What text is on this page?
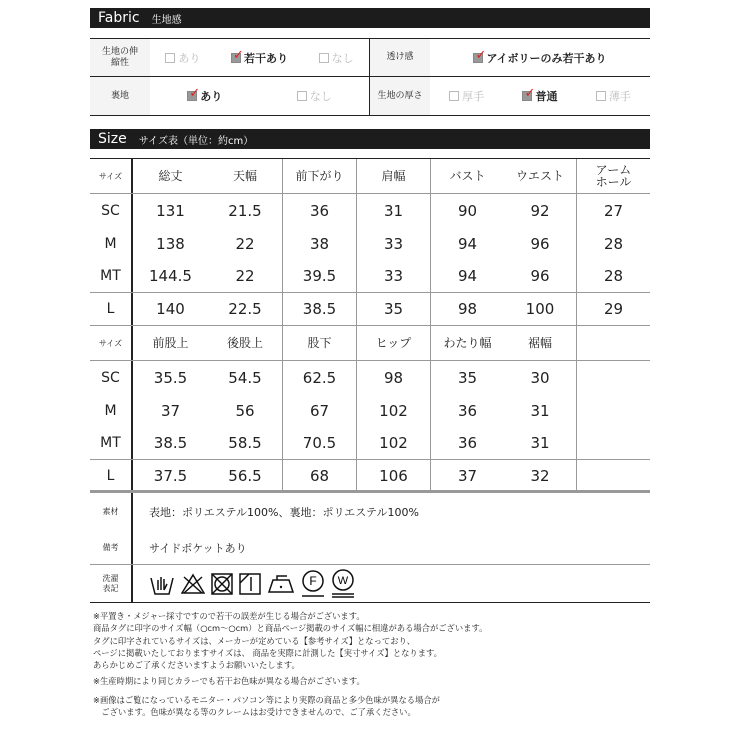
Fabric 生地感
生地の伸縮性	あり ✓	若干あり	なし	透け感 ✓	アイボリーのみ若干あり
裏地 ✓	あり	なし	生地の厚さ	厚手 ✓	普通	薄手
Size サイズ表（単位：約cm）
サイズ	総丈	天幅	前下がり	肩幅	バスト	ウエスト	アームホール
SC	131	21.5	36	31	90	92	27
M	138	22	38	33	94	96	28
MT	144.5	22	39.5	33	94	96	28
L	140	22.5	38.5	35	98	100	29
サイズ	前股上	後股上	股下	ヒップ	わたり幅	裾幅
SC	35.5	54.5	62.5	98	35	30
M	37	56	67	102	36	31
MT	38.5	58.5	70.5	102	36	31
L	37.5	56.5	68	106	37	32
素材	表地：ポリエステル100%、裏地：ポリエステル100%
備考	サイドポケットあり
洗濯表記
F W

※平置き・メジャー採寸ですので若干の誤差が生じる場合がございます。

商品タグに印字のサイズ幅（○cm～○cm）と商品ページ掲載のサイズ幅に相違がある場合がございます。

タグに印字されているサイズは、メーカーが定めている【参考サイズ】となっており、

ページに掲載いたしておりますサイズは、 商品を実際に計測した【実寸サイズ】となります。

あらかじめご了承くださいますようお願いいたします。

※生産時期により同じカラーでも若干お色味が異なる場合がございます。

※画像はご覧になっているモニター・パソコン等により実際の商品と多少色味が異なる場合が

　ございます。色味が異なる等のクレームはお受けできませんので、ご了承ください。
